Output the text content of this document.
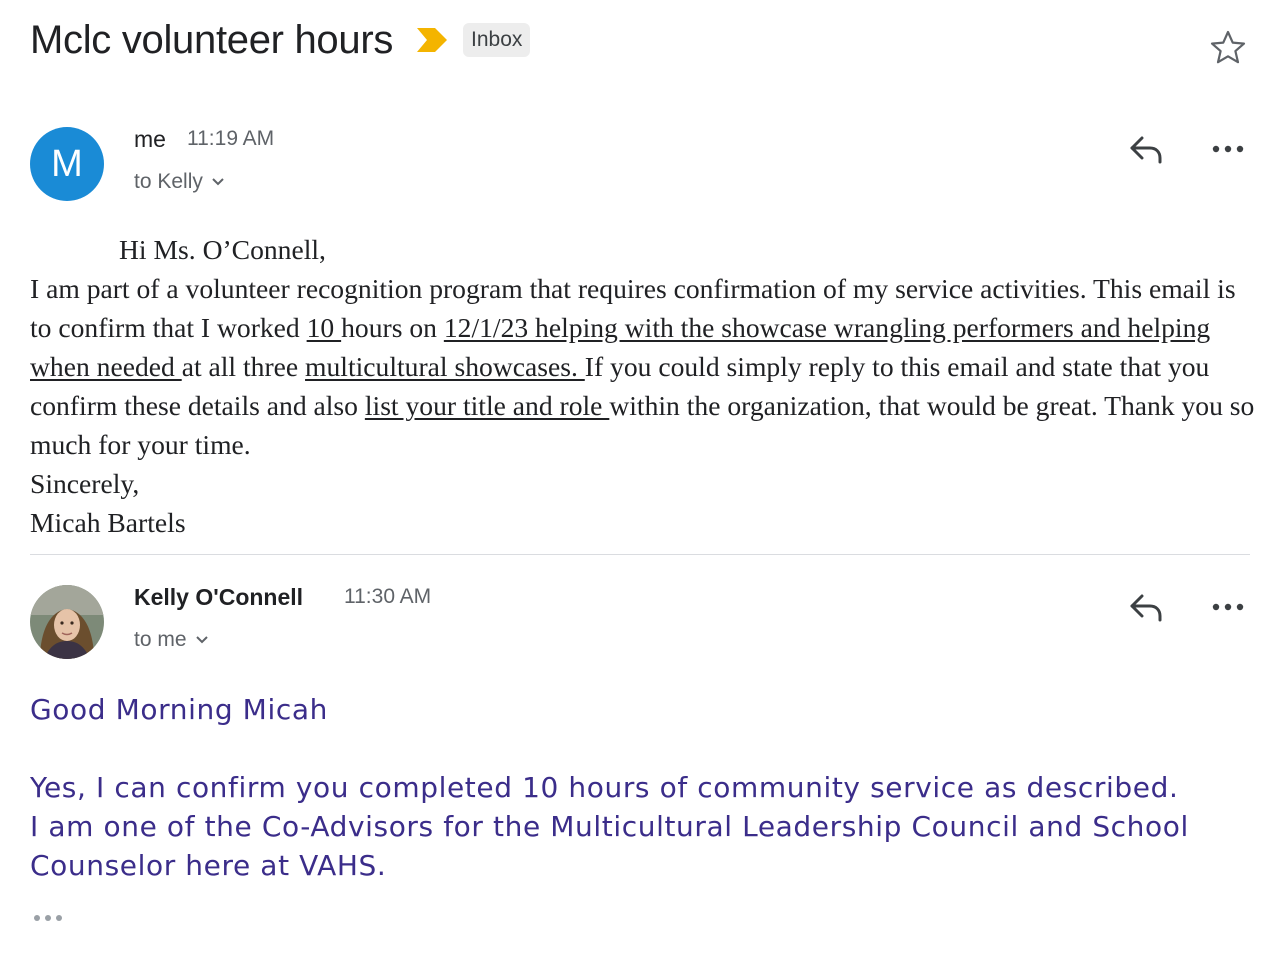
Mclc volunteer hours	Inbox
M
me 11:19 AM
to Kelly

Hi Ms. O’Connell,

I am part of a volunteer recognition program that requires confirmation of my service activities. This email is to confirm that I worked 10 hours on 12/1/23 helping with the showcase wrangling performers and helping when needed at all three multicultural showcases. If you could simply reply to this email and state that you confirm these details and also list your title and role within the organization, that would be great. Thank you so much for your time.

Sincerely,

Micah Bartels

Kelly O'Connell 11:30 AM
to me

Good Morning Micah

Yes, I can confirm you completed 10 hours of community service as described.

I am one of the Co-Advisors for the Multicultural Leadership Council and School Counselor here at VAHS.
